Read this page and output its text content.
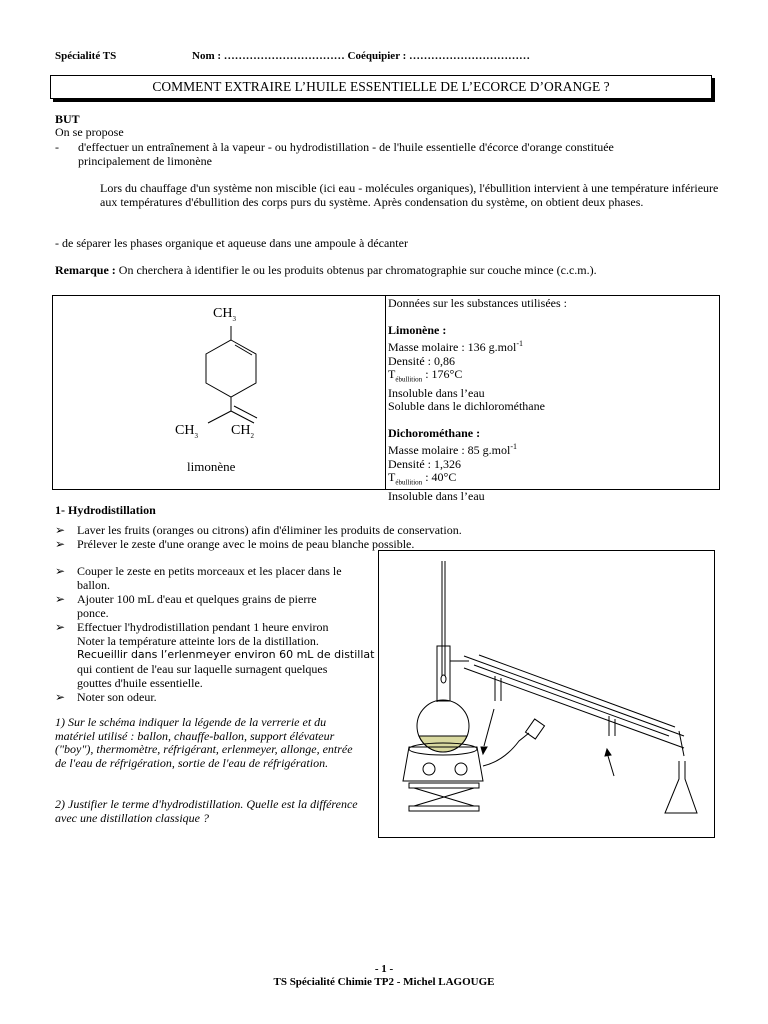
Spécialité TS	Nom : …………………………… Coéquipier : ……………………………
COMMENT EXTRAIRE L’HUILE ESSENTIELLE DE L’ECORCE D’ORANGE ?
BUT
On se propose
- d'effectuer un entraînement à la vapeur - ou hydrodistillation - de l'huile essentielle d'écorce d'orange constituée
principalement de limonène
Lors du chauffage d'un système non miscible (ici eau - molécules organiques), l'ébullition intervient à une température inférieure aux températures d'ébullition des corps purs du système. Après condensation du système, on obtient deux phases.
- de séparer les phases organique et aqueuse dans une ampoule à décanter
Remarque : On cherchera à identifier le ou les produits obtenus par chromatographie sur couche mince (c.c.m.).
$CH_3$
$CH_3$ $CH_2$
limonène
Données sur les substances utilisées :
Limonène :
Masse molaire : 136 g.mol$^{-1}$
Densité : 0,86
$T_{ébullition}$ : 176°C
Insoluble dans l’eau
Soluble dans le dichlorométhane
Dichorométhane :
Masse molaire : 85 g.mol$^{-1}$
Densité : 1,326
$T_{ébullition}$ : 40°C
Insoluble dans l’eau
1- Hydrodistillation
➢ Laver les fruits (oranges ou citrons) afin d'éliminer les produits de conservation.
➢ Prélever le zeste d'une orange avec le moins de peau blanche possible.
➢ Couper le zeste en petits morceaux et les placer dans le
ballon.
➢ Ajouter 100 mL d'eau et quelques grains de pierre
ponce.
➢ Effectuer l'hydrodistillation pendant 1 heure environ
Noter la température atteinte lors de la distillation.
Recueillir dans l’erlenmeyer environ 60 mL de distillat
qui contient de l'eau sur laquelle surnagent quelques
gouttes d'huile essentielle.
➢ Noter son odeur.
1) Sur le schéma indiquer la légende de la verrerie et du matériel utilisé : ballon, chauffe-ballon, support élévateur ("boy"), thermomètre, réfrigérant, erlenmeyer, allonge, entrée de l'eau de réfrigération, sortie de l'eau de réfrigération.
2) Justifier le terme d'hydrodistillation. Quelle est la différence avec une distillation classique ?
- 1 -
TS Spécialité Chimie TP2 - Michel LAGOUGE
